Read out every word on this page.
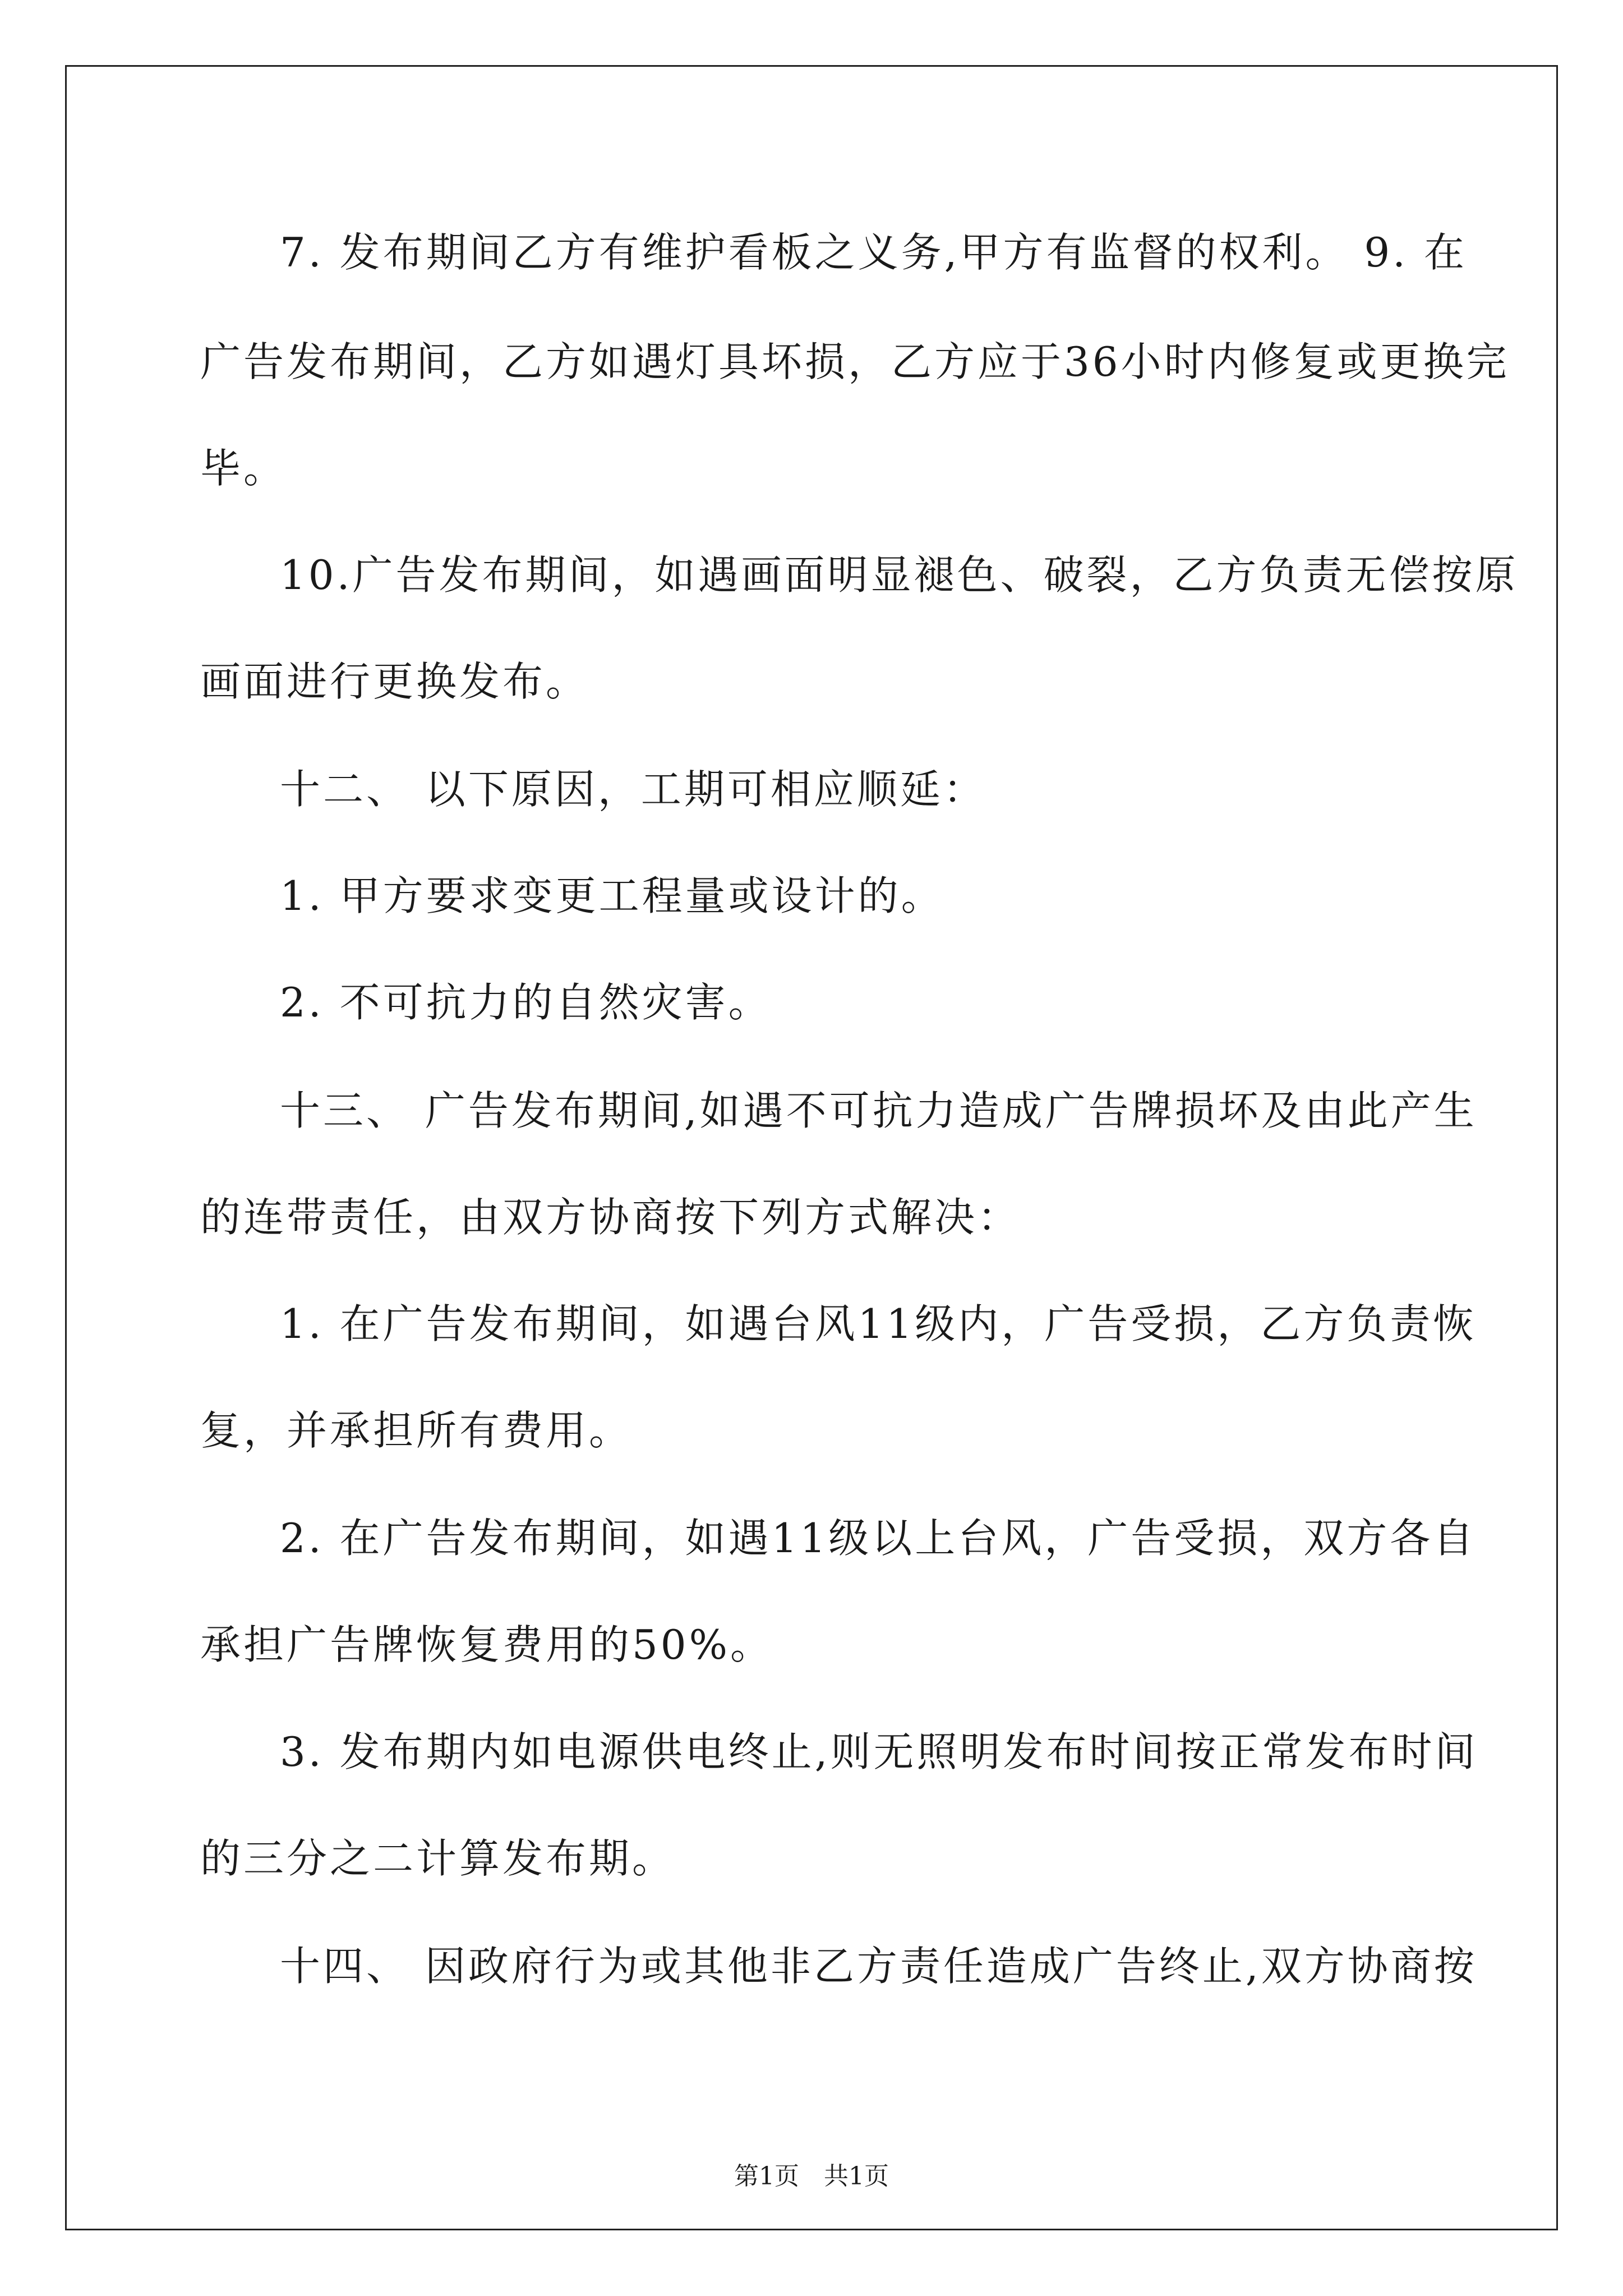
7. 发布期间乙方有维护看板之义务,甲方有监督的权利。 9. 在
广告发布期间，乙方如遇灯具坏损，乙方应于36小时内修复或更换完
毕。
10.广告发布期间，如遇画面明显褪色、破裂，乙方负责无偿按原
画面进行更换发布。
十二、 以下原因，工期可相应顺延：
1. 甲方要求变更工程量或设计的。
2. 不可抗力的自然灾害。
十三、 广告发布期间,如遇不可抗力造成广告牌损坏及由此产生
的连带责任，由双方协商按下列方式解决：
1. 在广告发布期间，如遇台风11级内，广告受损，乙方负责恢
复，并承担所有费用。
2. 在广告发布期间，如遇11级以上台风，广告受损，双方各自
承担广告牌恢复费用的50%。
3. 发布期内如电源供电终止,则无照明发布时间按正常发布时间
的三分之二计算发布期。
十四、 因政府行为或其他非乙方责任造成广告终止,双方协商按
第1页　共1页
